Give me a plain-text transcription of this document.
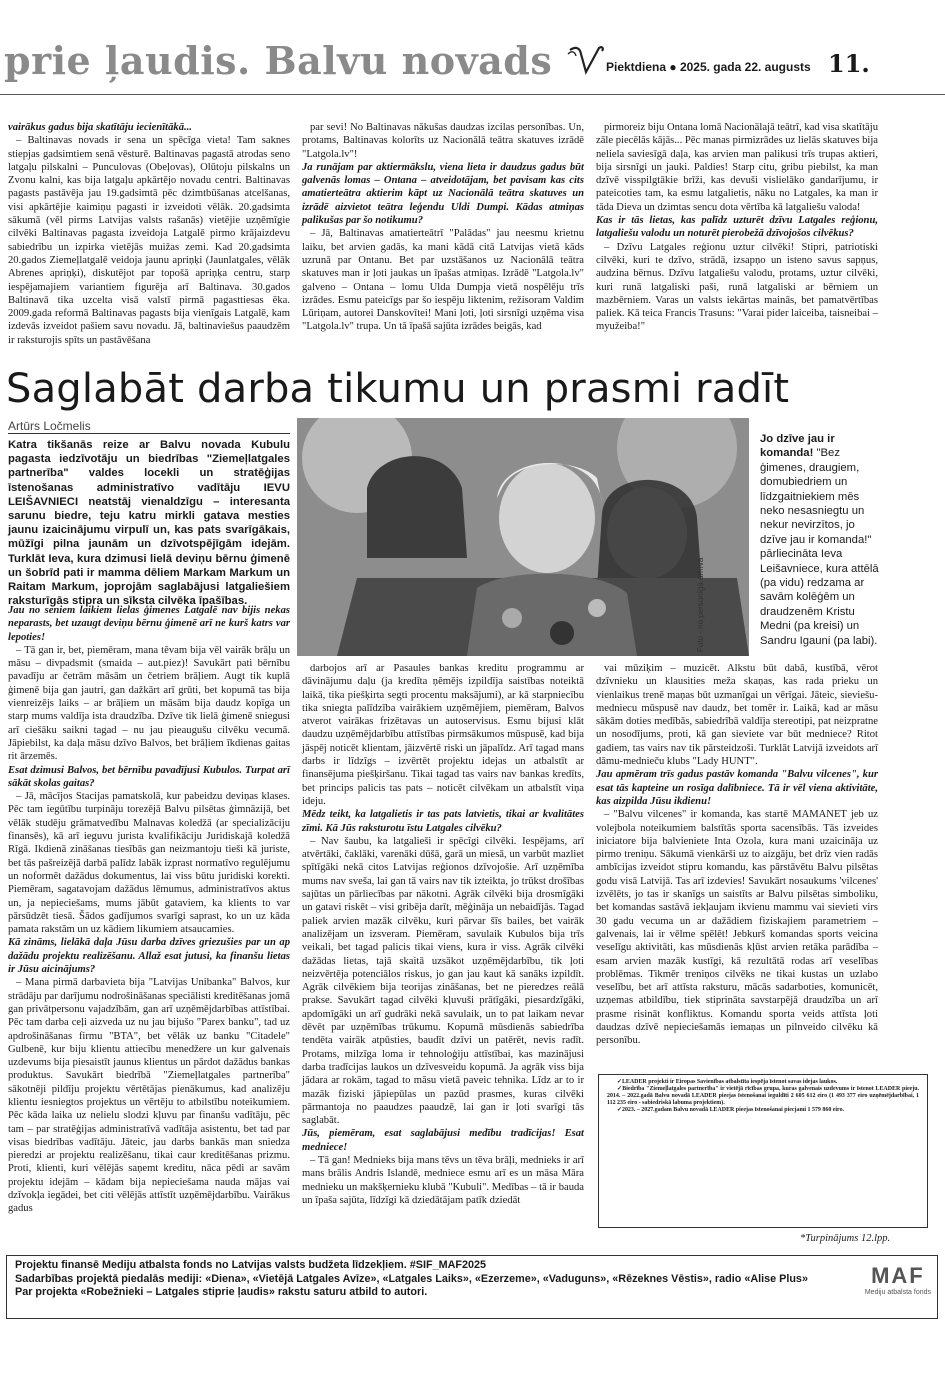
prie ļaudis. Balvu novads	Piektdiena ● 2025. gada 22. augusts 11.

vairākus gadus bija skatītāju iecienītākā...

– Baltinavas novads ir sena un spēcīga vieta! Tam saknes stiepjas gadsimtiem senā vēsturē. Baltinavas pagastā atrodas seno latgaļu pilskalni – Punculovas (Obeļovas), Olūtoju pilskalns un Zvonu kalni, kas bija latgaļu apkārtējo novadu centri. Baltinavas pagasts pastāvēja jau 19.gadsimtā pēc dzimtbūšanas atcelšanas, visi apkārtējie kaimiņu pagasti ir izveidoti vēlāk. 20.gadsimta sākumā (vēl pirms Latvijas valsts rašanās) vietējie uzņēmīgie cilvēki Baltinavas pagasta izveidoja Latgalē pirmo krājaizdevu sabiedrību un izpirka vietējās muižas zemi. Kad 20.gadsimta 20.gados Ziemeļlatgalē veidoja jaunu apriņķi (Jaunlatgales, vēlāk Abrenes apriņķi), diskutējot par topošā apriņķa centru, starp iespējamajiem variantiem figurēja arī Baltinava. 30.gados Baltinavā tika uzcelta visā valstī pirmā pagasttiesas ēka. 2009.gada reformā Baltinavas pagasts bija vienīgais Latgalē, kam izdevās izveidot pašiem savu novadu. Jā, baltinaviešus paaudzēm ir raksturojis spīts un pastāvēšana

par sevi! No Baltinavas nākušas daudzas izcilas personības. Un, protams, Baltinavas kolorīts uz Nacionālā teātra skatuves izrādē "Latgola.lv"!

Ja runājam par aktiermākslu, viena lieta ir daudzus gadus būt galvenās lomas – Ontana – atveidotājam, bet pavisam kas cits amatierteātra aktierim kāpt uz Nacionālā teātra skatuves un izrādē aizvietot teātra leģendu Uldi Dumpi. Kādas atmiņas palikušas par šo notikumu?

– Jā, Baltinavas amatierteātrī "Palādas" jau neesmu krietnu laiku, bet arvien gadās, ka mani kādā citā Latvijas vietā kāds uzrunā par Ontanu. Bet par uzstāšanos uz Nacionālā teātra skatuves man ir ļoti jaukas un īpašas atmiņas. Izrādē "Latgola.lv" galveno – Ontana – lomu Uldа Dumpja vietā nospēlēju trīs izrādes. Esmu pateicīgs par šo iespēju liktenim, režisoram Valdim Lūriņam, autorei Danskovītei! Mani ļoti, ļoti sirsnīgi uzņēma visa "Latgola.lv" trupa. Un tā īpašā sajūta izrādes beigās, kad

pirmoreiz biju Ontana lomā Nacionālajā teātrī, kad visa skatītāju zāle piecēlās kājās... Pēc manas pirmizrādes uz lielās skatuves bija neliela saviesīgā daļa, kas arvien man palikusi trīs trupas aktieri, bija sirsnīgi un jauki. Paldies! Starp citu, gribu piebilst, ka man dzīvē visspilgtākie brīži, kas devuši vislielāko gandarījumu, ir pateicoties tam, ka esmu latgalietis, nāku no Latgales, ka man ir tāda Dieva un dzimtas sencu dota vērtība kā latgaliešu valoda!

Kas ir tās lietas, kas palīdz uzturēt dzīvu Latgales reģionu, latgaliešu valodu un noturēt pierobežā dzīvojošos cilvēkus?

– Dzīvu Latgales reģionu uztur cilvēki! Stipri, patriotiski cilvēki, kuri te dzīvo, strādā, izsapņo un istenо savus sapņus, audzina bērnus. Dzīvu latgaliešu valodu, protams, uztur cilvēki, kuri runā latgaliski paši, runā latgaliski ar bērniem un mazbērniem. Varas un valsts iekārtas mainās, bet pamatvērtības paliek. Kā teica Francis Trasuns: "Varai pider laiceiba, taisneibai – myužeiba!"

Saglabāt darba tikumu un prasmi radīt
Artūrs Ločmelis
Katra tikšanās reize ar Balvu novada Kubulu pagasta iedzīvotāju un biedrības "Ziemeļlatgales partnerība" valdes locekli un stratēģijas īstenošanas administratīvo vadītāju IEVU LEIŠAVNIECI neatstāj vienaldzīgu – interesanta sarunu biedre, teju katru mirkli gatava mesties jaunu izaicinājumu virpulī un, kas pats svarīgākais, mūžīgi pilna jaunām un dzīvotspējīgām idejām. Turklāt Ieva, kura dzimusi lielā deviņu bērnu ģimenē un šobrīd pati ir mamma dēliem Markam Markum un Raitam Markum, joprojām saglabājusi latgaliešiem raksturīgās stipra un sīksta cilvēka īpašības.	Foto - no personīgā arhīva
Jo dzīve jau ir komanda! "Bez ģimenes, draugiem, domubiedriem un līdzgaitniekiem mēs neko nesasniegtu un nekur nevirzītos, jo dzīve jau ir komanda!" pārliecināta Ieva Leišavniece, kura attēlā (pa vidu) redzama ar savām kolēģēm un draudzenēm Kristu Medni (pa kreisi) un Sandru Igauni (pa labi).

Jau no seniem laikiem lielas ģimenes Latgalē nav bijis nekas neparasts, bet uzaugt deviņu bērnu ģimenē arī ne kurš katrs var lepoties!

– Tā gan ir, bet, piemēram, mana tēvam bija vēl vairāk brāļu un māsu – divpadsmit (smaida – aut.piez)! Savukārt pati bērnību pavadīju ar četrām māsām un četriem brāļiem. Augt tik kuplā ģimenē bija gan jautri, gan dažkārt arī grūti, bet kopumā tas bija vienreizējs laiks – ar brāļiem un māsām bija daudz kopīga un starp mums valdīja ista draudzība. Dzīve tik lielā ģimenē sniegusi arī ciešāku saikni tagad – nu jau pieaugušu cilvēku vecumā. Jāpiebilst, ka daļa māsu dzīvo Balvos, bet brāļiem īkdienas gaitas rit ārzemēs.

Esat dzimusi Balvos, bet bērnību pavadījusi Kubulos. Turpat arī sākāt skolas gaitas?

– Jā, mācījos Stacijas pamatskolā, kur pabeidzu deviņas klases. Pēc tam iegūtību turpināju torezējā Balvu pilsētas ģimnāzijā, bet vēlāk studēju grāmatvedību Malnavas koledžā (ar specializāciju finansēs), kā arī ieguvu juristа kvalifikāciju Juridiskajā koledžā Rīgā. Ikdienā zināšanas tiesībās gan neizmantoju tieši kā juriste, bet tās pašreizējā darbā palīdz labāk izprast normatīvo regulējumu un noformēt dažādus dokumentus, lai viss būtu juridiski korekti. Piemēram, sagatavojam dažādus lēmumus, administratīvos aktus un, ja nepieciešams, mums jābūt gataviem, ka klients to var pārsūdzēt tiesā. Šādos gadījumos svarīgi saprast, ko un uz kāda pamata rakstām un uz kādiem likumiem atsaucamies.

Kā zināms, lielākā daļa Jūsu darba dzīves griezušies par un ap dažādu projektu realizēšanu. Allaž esat jutusi, ka finanšu lietas ir Jūsu aicinājums?

– Mana pirmā darbavieta bija "Latvijas Unibanka" Balvos, kur strādāju par darījumu nodrošināšanas speciālisti kreditēšanas jomā gan privātpersonu vajadzībām, gan arī uzņēmējdarbības attīstībai. Pēc tam darba ceļi aizveda uz nu jau bijušo "Parex banku", tad uz apdrošināšanas firmu "BTA", bet vēlāk uz banku "Citadele" Gulbenē, kur biju klientu attiecību menedžere un kur galvenais uzdevums bija piesaistīt jaunus klientus un pārdot dažādus bankas produktus. Savukārt biedrībā "Ziemeļlatgales partnerība" sākotnēji pildīju projektu vērtētājas pienākumus, kad analizēju klientu iesniegtos projektus un vērtēju to atbilstību noteikumiem. Pēc kāda laika uz nelielu slodzi kļuvu par finanšu vadītāju, pēc tam – par stratēģijas administratīvā vadītāja asistentu, bet tad par visas biedrības vadītāju. Jāteic, jau darbs bankās man sniedza pieredzi ar projektu realizēšanu, tikai caur kreditēšanas prizmu. Proti, klienti, kuri vēlējās saņemt kreditu, nāca pēdi ar savām projektu idejām – kādam bija nepieciešama nauda mājas vai dzīvokļa iegādei, bet citi vēlējās attīstīt uzņēmējdarbību. Vairākus gadus

darbojos arī ar Pasaules bankas kreditu programmu ar dāvinājumu daļu (ja kredīta ņēmējs izpildīja saistības noteiktā laikā, tika piešķirta segti procentu maksājumi), ar kā starpniecību tika sniegta palīdzība vairākiem uzņēmējiem, piemēram, Balvos atverot vairākas frizētavas un autoservisus. Esmu bijusi klāt daudzu uzņēmējdarbību attīstības pirmsākumos mūspusē, kad bija jāspēj noticēt klientam, jāizvērtē riski un jāpalīdz. Arī tagad mans darbs ir līdzīgs – izvērtēt projektu idejas un atbalstīt ar finansējuma piešķiršanu. Tikai tagad tas vairs nav bankas kredīts, bet princips palicis tas pats – noticēt cilvēkam un atbalstīt viņa ideju.

Mēdz teikt, ka latgalietis ir tas pats latvietis, tikai ar kvalitātes zīmi. Kā Jūs raksturotu īstu Latgales cilvēku?

– Nav šaubu, ka latgalieši ir spēcīgi cilvēki. Iespējams, arī atvērtāki, čaklāki, varenāki dūšā, garā un miesā, un varbūt mazliet spītīgāki nekā citos Latvijas reģionos dzīvojošie. Arī uzņēmība mums nav sveša, lai gan tā vairs nav tik izteikta, jo trūkst drošības sajūtas un pārliecības par nākotni. Agrāk cilvēki bija drosmīgāki un gatavi riskēt – visi gribēja darīt, mēģināja un nebaidījās. Tagad paliek arvien mazāk cilvēku, kuri pārvar šīs bailes, bet vairāk analizējam un izsveram. Piemēram, savulaik Kubulos bija trīs veikali, bet tagad palicis tikai viens, kura ir viss. Agrāk cilvēki dažādas lietas, tajā skaitā uzsākot uzņēmējdarbību, tik ļoti neizvērtēja potenciālos riskus, jo gan jau kaut kā sanāks izpildīt. Agrāk cilvēkiem bija teorijas zināšanas, bet ne pieredzes reālā prakse. Savukārt tagad cilvēki kļuvuši prātīgāki, piesardzīgāki, apdomīgāki un arī gudrāki nekā savulaik, un to pat laikam nevar dēvēt par uzņēmības trūkumu. Kopumā mūsdienās sabiedrība tendēta vairāk atpūsties, baudīt dzīvi un patērēt, nevis radīt. Protams, milzīga loma ir tehnoloģiju attīstībai, kas mazinājusi darba tradīcijas laukos un dzīvesveidu kopumā. Ja agrāk viss bija jādara ar rokām, tagad to māsu vietā paveic tehnika. Līdz ar to ir mazāk fiziski jāpiepūlas un pazūd prasmes, kuras cilvēki pārmantoja no paaudzes paaudzē, lai gan ir ļoti svarīgi tās saglabāt.

Jūs, piemēram, esat saglabājusi medību tradīcijas! Esat medniece!

– Tā gan! Mednieks bija mans tēvs un tēva brāļi, mednieks ir arī mans brālis Andris Islandē, medniece esmu arī es un māsa Māra mednieku un makšķernieku klubā "Kubuli". Medības – tā ir bauda un īpaša sajūta, līdzīgi kā dziedātājam patīk dziedāt

vai mūziķim – muzicēt. Alkstu būt dabā, kustībā, vērot dzīvnieku un klausities meža skaņas, kas rada prieku un vienlaikus trenē maņas būt uzmanīgai un vērīgai. Jāteic, sieviešu-medniecu mūspusē nav daudz, bet tomēr ir. Laikā, kad ar māsu sākām doties medībās, sabiedrībā valdīja stereotipi, pat neizpratne un nosodījums, proti, kā gan sieviete var būt medniece? Ritot gadiem, tas vairs nav tik pārsteidzoši. Turklāt Latvijā izveidots arī dāmu-mednieču klubs "Lady HUNT".

Jau apmēram trīs gadus pastāv komanda "Balvu vilcenes", kur esat tās kapteine un rosīga dalībniece. Tā ir vēl viena aktivitāte, kas aizpilda Jūsu ikdienu!

– "Balvu vilcenes" ir komanda, kas startē MAMANET jeb uz volejbola noteikumiem balstītās sporta sacensībās. Tās izveides iniciatore bija balvieniete Inta Ozola, kura mani uzaicināja uz pirmo treniņu. Sākumā vienkārši uz to aizgāju, bet drīz vien radās ambīcijas izveidot stipru komandu, kas pārstāvētu Balvu pilsētas godu visā Latvijā. Tas arī izdevies! Savukārt nosaukums 'vilcenes' izvēlēts, jo tas ir skanīgs un saistīts ar Balvu pilsētas simboliku, bet komandas sastāvā iekļaujam ikvienu mammu vai sievieti virs 30 gadu vecuma un ar dažādiem fiziskajiem parametriem – galvenais, lai ir vēlme spēlēt! Jebkurš komandas sports veicina veselīgu aktivitāti, kas mūsdienās kļūst arvien retāka parādība – esam arvien mazāk kustīgi, kā rezultātā rodas arī veselības problēmas. Tikmēr treniņos cilvēks ne tikai kustas un uzlabo veselību, bet arī attīsta raksturu, mācās sadarboties, komunicēt, uzņemas atbildību, tiek stiprināta savstarpējā draudzība un arī prasme risināt konfliktus. Komandu sporta veids attīsta ļoti daudzas dzīvē nepieciešamās iemaņas un pilnveido cilvēku kā personību.

✓LEADER projekti ir Eiropas Savienības atbalstīta iespēja īstenot savas idejas laukos.

✓Biedrība "Ziemeļlatgales partnerība" ir vietējā rīcības grupa, kuras galvenais uzdevums ir īstenot LEADER pieeju. 2014. – 2022.gadā Balvu novadā LEADER pieejas īstenošanai ieguldīti 2 605 612 eiro (1 493 377 eiro uzņēmējdarbībai, 1 112 235 eiro - sabiedriskā labuma projektiem).

✓2023. – 2027.gadam Balvu novadā LEADER pieejas īstenošanai piecjami 1 579 860 eiro.

*Turpinājums 12.lpp.
Projektu finansē Mediju atbalsta fonds no Latvijas valsts budžeta līdzekļiem. #SIF_MAF2025
Sadarbības projektā piedalās mediji: «Diena», «Vietējā Latgales Avīze», «Latgales Laiks», «Ezerzeme», «Vaduguns», «Rēzeknes Vēstis», radio «Alise Plus»
Par projekta «Robežnieki – Latgales stiprie ļaudis» rakstu saturu atbild to autori.
MAF
Mediju atbalsta fonds
